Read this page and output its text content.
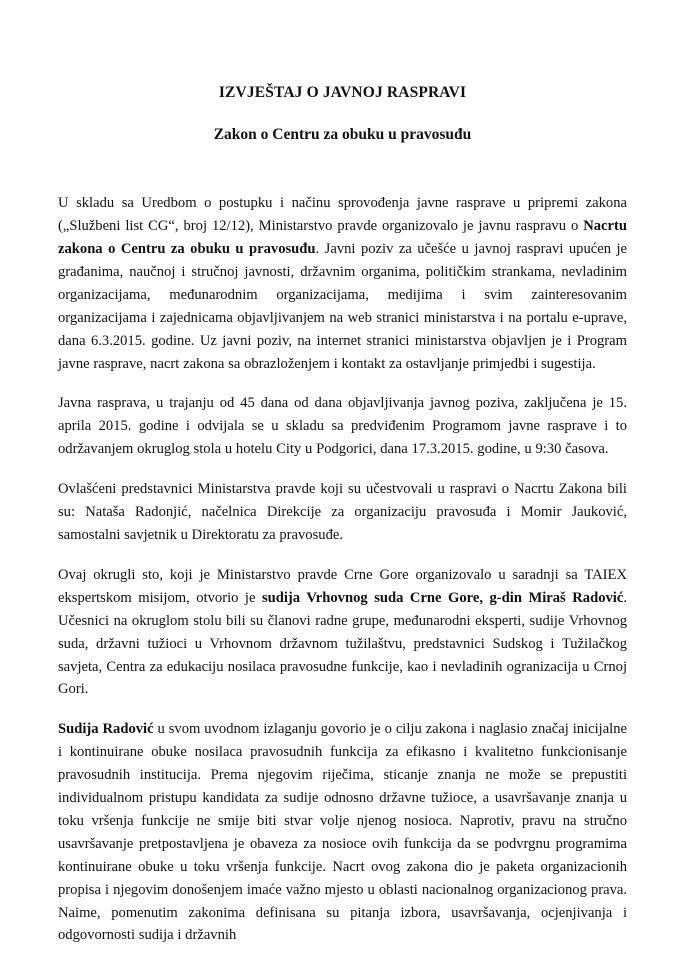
IZVJEŠTAJ O JAVNOJ RASPRAVI
Zakon o Centru za obuku u pravosuđu

U skladu sa Uredbom o postupku i načinu sprovođenja javne rasprave u pripremi zakona („Službeni list CG“, broj 12/12), Ministarstvo pravde organizovalo je javnu raspravu o Nacrtu zakona o Centru za obuku u pravosuđu. Javni poziv za učešće u javnoj raspravi upućen je građanima, naučnoj i stručnoj javnosti, državnim organima, političkim strankama, nevladinim organizacijama, međunarodnim organizacijama, medijima i svim zainteresovanim organizacijama i zajednicama objavljivanjem na web stranici ministarstva i na portalu e-uprave, dana 6.3.2015. godine. Uz javni poziv, na internet stranici ministarstva objavljen je i Program javne rasprave, nacrt zakona sa obrazloženjem i kontakt za ostavljanje primjedbi i sugestija.

Javna rasprava, u trajanju od 45 dana od dana objavljivanja javnog poziva, zaključena je 15. aprila 2015. godine i odvijala se u skladu sa predviđenim Programom javne rasprave i to održavanjem okruglog stola u hotelu City u Podgorici, dana 17.3.2015. godine, u 9:30 časova.

Ovlašćeni predstavnici Ministarstva pravde koji su učestvovali u raspravi o Nacrtu Zakona bili su: Nataša Radonjić, načelnica Direkcije za organizaciju pravosuđa i Momir Jauković, samostalni savjetnik u Direktoratu za pravosuđe.

Ovaj okrugli sto, koji je Ministarstvo pravde Crne Gore organizovalo u saradnji sa TAIEX ekspertskom misijom, otvorio je sudija Vrhovnog suda Crne Gore, g-din Miraš Radović. Učesnici na okruglom stolu bili su članovi radne grupe, međunarodni eksperti, sudije Vrhovnog suda, državni tužioci u Vrhovnom državnom tužilaštvu, predstavnici Sudskog i Tužilačkog savjeta, Centra za edukaciju nosilaca pravosudne funkcije, kao i nevladinih ogranizacija u Crnoj Gori.

Sudija Radović u svom uvodnom izlaganju govorio je o cilju zakona i naglasio značaj inicijalne i kontinuirane obuke nosilaca pravosudnih funkcija za efikasno i kvalitetno funkcionisanje pravosudnih institucija. Prema njegovim riječima, sticanje znanja ne može se prepustiti individualnom pristupu kandidata za sudije odnosno državne tužioce, a usavršavanje znanja u toku vršenja funkcije ne smije biti stvar volje njenog nosioca. Naprotiv, pravu na stručno usavršavanje pretpostavljena je obaveza za nosioce ovih funkcija da se podvrgnu programima kontinuirane obuke u toku vršenja funkcije. Nacrt ovog zakona dio je paketa organizacionih propisa i njegovim donošenjem imaće važno mjesto u oblasti nacionalnog organizacionog prava. Naime, pomenutim zakonima definisana su pitanja izbora, usavršavanja, ocjenjivanja i odgovornosti sudija i državnih
